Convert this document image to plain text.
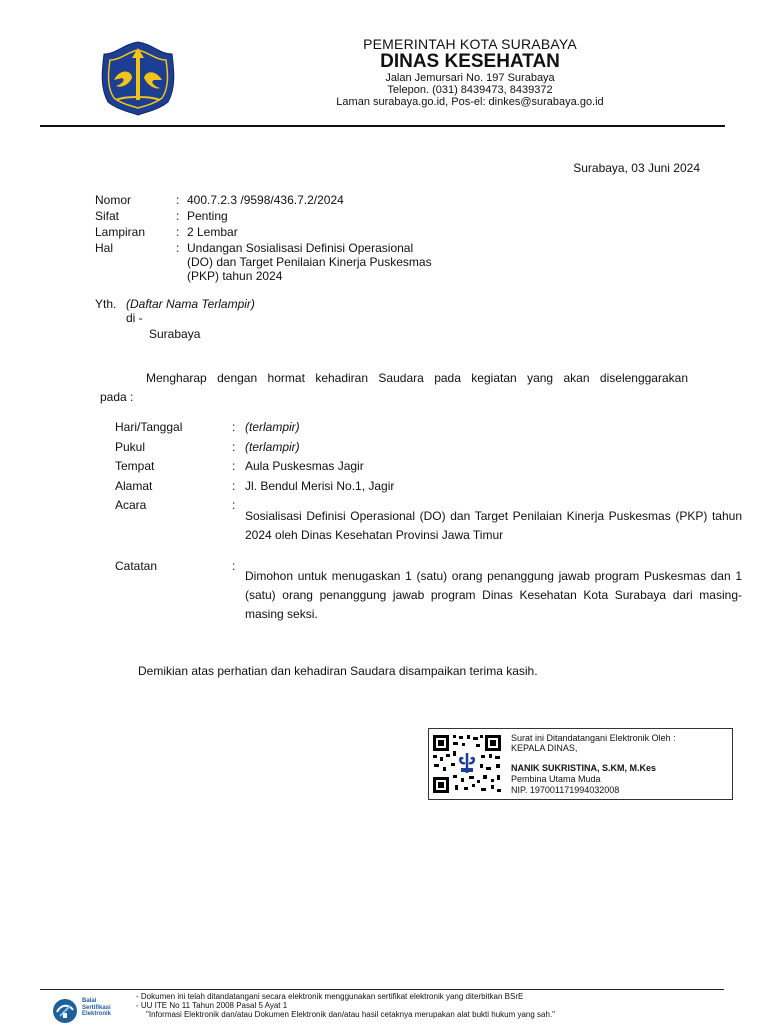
PEMERINTAH KOTA SURABAYA
DINAS KESEHATAN
Jalan Jemursari No. 197 Surabaya
Telepon. (031) 8439473, 8439372
Laman surabaya.go.id, Pos-el: dinkes@surabaya.go.id
Surabaya, 03 Juni 2024
Nomor	: 400.7.2.3 /9598/436.7.2/2024
Sifat	: Penting
Lampiran	: 2 Lembar
Hal	: Undangan Sosialisasi Definisi Operasional
(DO) dan Target Penilaian Kinerja Puskesmas
(PKP) tahun 2024
Yth. (Daftar Nama Terlampir)
di -
Surabaya
Mengharap dengan hormat kehadiran Saudara pada kegiatan yang akan diselenggarakan
pada :
Hari/Tanggal	: (terlampir)
Pukul	: (terlampir)
Tempat	: Aula Puskesmas Jagir
Alamat	: Jl. Bendul Merisi No.1, Jagir
Acara	:
Sosialisasi Definisi Operasional (DO) dan Target Penilaian Kinerja Puskesmas (PKP) tahun 2024 oleh Dinas Kesehatan Provinsi Jawa Timur
Catatan	:
Dimohon untuk menugaskan 1 (satu) orang penanggung jawab program Puskesmas dan 1 (satu) orang penanggung jawab program Dinas Kesehatan Kota Surabaya dari masing-masing seksi.
Demikian atas perhatian dan kehadiran Saudara disampaikan terima kasih.
Surat ini Ditandatangani Elektronik Oleh :
KEPALA DINAS,
NANIK SUKRISTINA, S.KM, M.Kes
Pembina Utama Muda
NIP. 197001171994032008
Balai
Sertifikasi
Elektronik
- Dokumen ini telah ditandatangani secara elektronik menggunakan sertifikat elektronik yang diterbitkan BSrE
- UU ITE No 11 Tahun 2008 Pasal 5 Ayat 1
"Informasi Elektronik dan/atau Dokumen Elektronik dan/atau hasil cetaknya merupakan alat bukti hukum yang sah."
